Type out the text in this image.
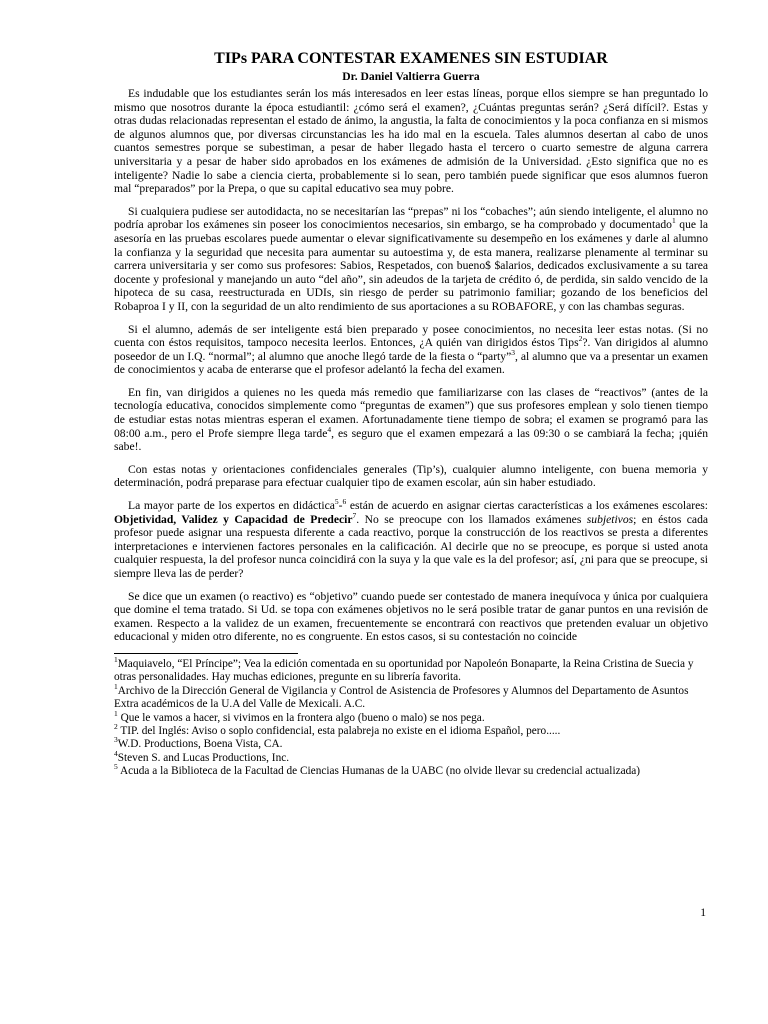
TIPs PARA CONTESTAR EXAMENES SIN ESTUDIAR

Dr. Daniel Valtierra Guerra

Es indudable que los estudiantes serán los más interesados en leer estas líneas, porque ellos siempre se han preguntado lo mismo que nosotros durante la época estudiantil: ¿cómo será el examen?, ¿Cuántas preguntas serán? ¿Será difícil?. Estas y otras dudas relacionadas representan el estado de ánimo, la angustia, la falta de conocimientos y la poca confianza en si mismos de algunos alumnos que, por diversas circunstancias les ha ido mal en la escuela. Tales alumnos desertan al cabo de unos cuantos semestres porque se subestiman, a pesar de haber llegado hasta el tercero o cuarto semestre de alguna carrera universitaria y a pesar de haber sido aprobados en los exámenes de admisión de la Universidad. ¿Esto significa que no es inteligente? Nadie lo sabe a ciencia cierta, probablemente si lo sean, pero también puede significar que esos alumnos fueron mal “preparados” por la Prepa, o que su capital educativo sea muy pobre.

Si cualquiera pudiese ser autodidacta, no se necesitarían las “prepas” ni los “cobaches”; aún siendo inteligente, el alumno no podría aprobar los exámenes sin poseer los conocimientos necesarios, sin embargo, se ha comprobado y documentado$^1$ que la asesoría en las pruebas escolares puede aumentar o elevar significativamente su desempeño en los exámenes y darle al alumno la confianza y la seguridad que necesita para aumentar su autoestima y, de esta manera, realizarse plenamente al terminar su carrera universitaria y ser como sus profesores: Sabios, Respetados, con bueno$ $alarios, dedicados exclusivamente a su tarea docente y profesional y manejando un auto “del año”, sin adeudos de la tarjeta de crédito ó, de perdida, sin saldo vencido de la hipoteca de su casa, reestructurada en UDIs, sin riesgo de perder su patrimonio familiar; gozando de los beneficios del Robaproa I y II, con la seguridad de un alto rendimiento de sus aportaciones a su ROBAFORE, y con las chambas seguras.

Si el alumno, además de ser inteligente está bien preparado y posee conocimientos, no necesita leer estas notas. (Si no cuenta con éstos requisitos, tampoco necesita leerlos. Entonces, ¿A quién van dirigidos éstos Tips$^2$?. Van dirigidos al alumno poseedor de un I.Q. “normal”; al alumno que anoche llegó tarde de la fiesta o “party”$^3$, al alumno que va a presentar un examen de conocimientos y acaba de enterarse que el profesor adelantó la fecha del examen.

En fin, van dirigidos a quienes no les queda más remedio que familiarizarse con las clases de “reactivos” (antes de la tecnología educativa, conocidos simplemente como “preguntas de examen”) que sus profesores emplean y solo tienen tiempo de estudiar estas notas mientras esperan el examen. Afortunadamente tiene tiempo de sobra; el examen se programó para las 08:00 a.m., pero el Profe siempre llega tarde$^4$, es seguro que el examen empezará a las 09:30 o se cambiará la fecha; ¡quién sabe!.

Con estas notas y orientaciones confidenciales generales (Tip’s), cualquier alumno inteligente, con buena memoria y determinación, podrá preparase para efectuar cualquier tipo de examen escolar, aún sin haber estudiado.

La mayor parte de los expertos en didáctica$^5$-$^6$ están de acuerdo en asignar ciertas características a los exámenes escolares: Objetividad, Validez y Capacidad de Predecir$^7$. No se preocupe con los llamados exámenes subjetivos; en éstos cada profesor puede asignar una respuesta diferente a cada reactivo, porque la construcción de los reactivos se presta a diferentes interpretaciones e intervienen factores personales en la calificación. Al decirle que no se preocupe, es porque si usted anota cualquier respuesta, la del profesor nunca coincidirá con la suya y la que vale es la del profesor; así, ¿ni para que se preocupe, si siempre lleva las de perder?

Se dice que un examen (o reactivo) es “objetivo” cuando puede ser contestado de manera inequívoca y única por cualquiera que domine el tema tratado. Si Ud. se topa con exámenes objetivos no le será posible tratar de ganar puntos en una revisión de examen. Respecto a la validez de un examen, frecuentemente se encontrará con reactivos que pretenden evaluar un objetivo educacional y miden otro diferente, no es congruente. En estos casos, si su contestación no coincide

$^1$Maquiavelo, “El Príncipe”; Vea la edición comentada en su oportunidad por Napoleón Bonaparte, la Reina Cristina de Suecia y otras personalidades. Hay muchas ediciones, pregunte en su librería favorita.

$^1$Archivo de la Dirección General de Vigilancia y Control de Asistencia de Profesores y Alumnos del Departamento de Asuntos Extra académicos de la U.A del Valle de Mexicali. A.C.

$^1$ Que le vamos a hacer, si vivimos en la frontera algo (bueno o malo) se nos pega.

$^2$ TIP. del Inglés: Aviso o soplo confidencial, esta palabreja no existe en el idioma Español, pero.....

$^3$W.D. Productions, Boena Vista, CA.

$^4$Steven S. and Lucas Productions, Inc.

$^5$ Acuda a la Biblioteca de la Facultad de Ciencias Humanas de la UABC (no olvide llevar su credencial actualizada)

1
